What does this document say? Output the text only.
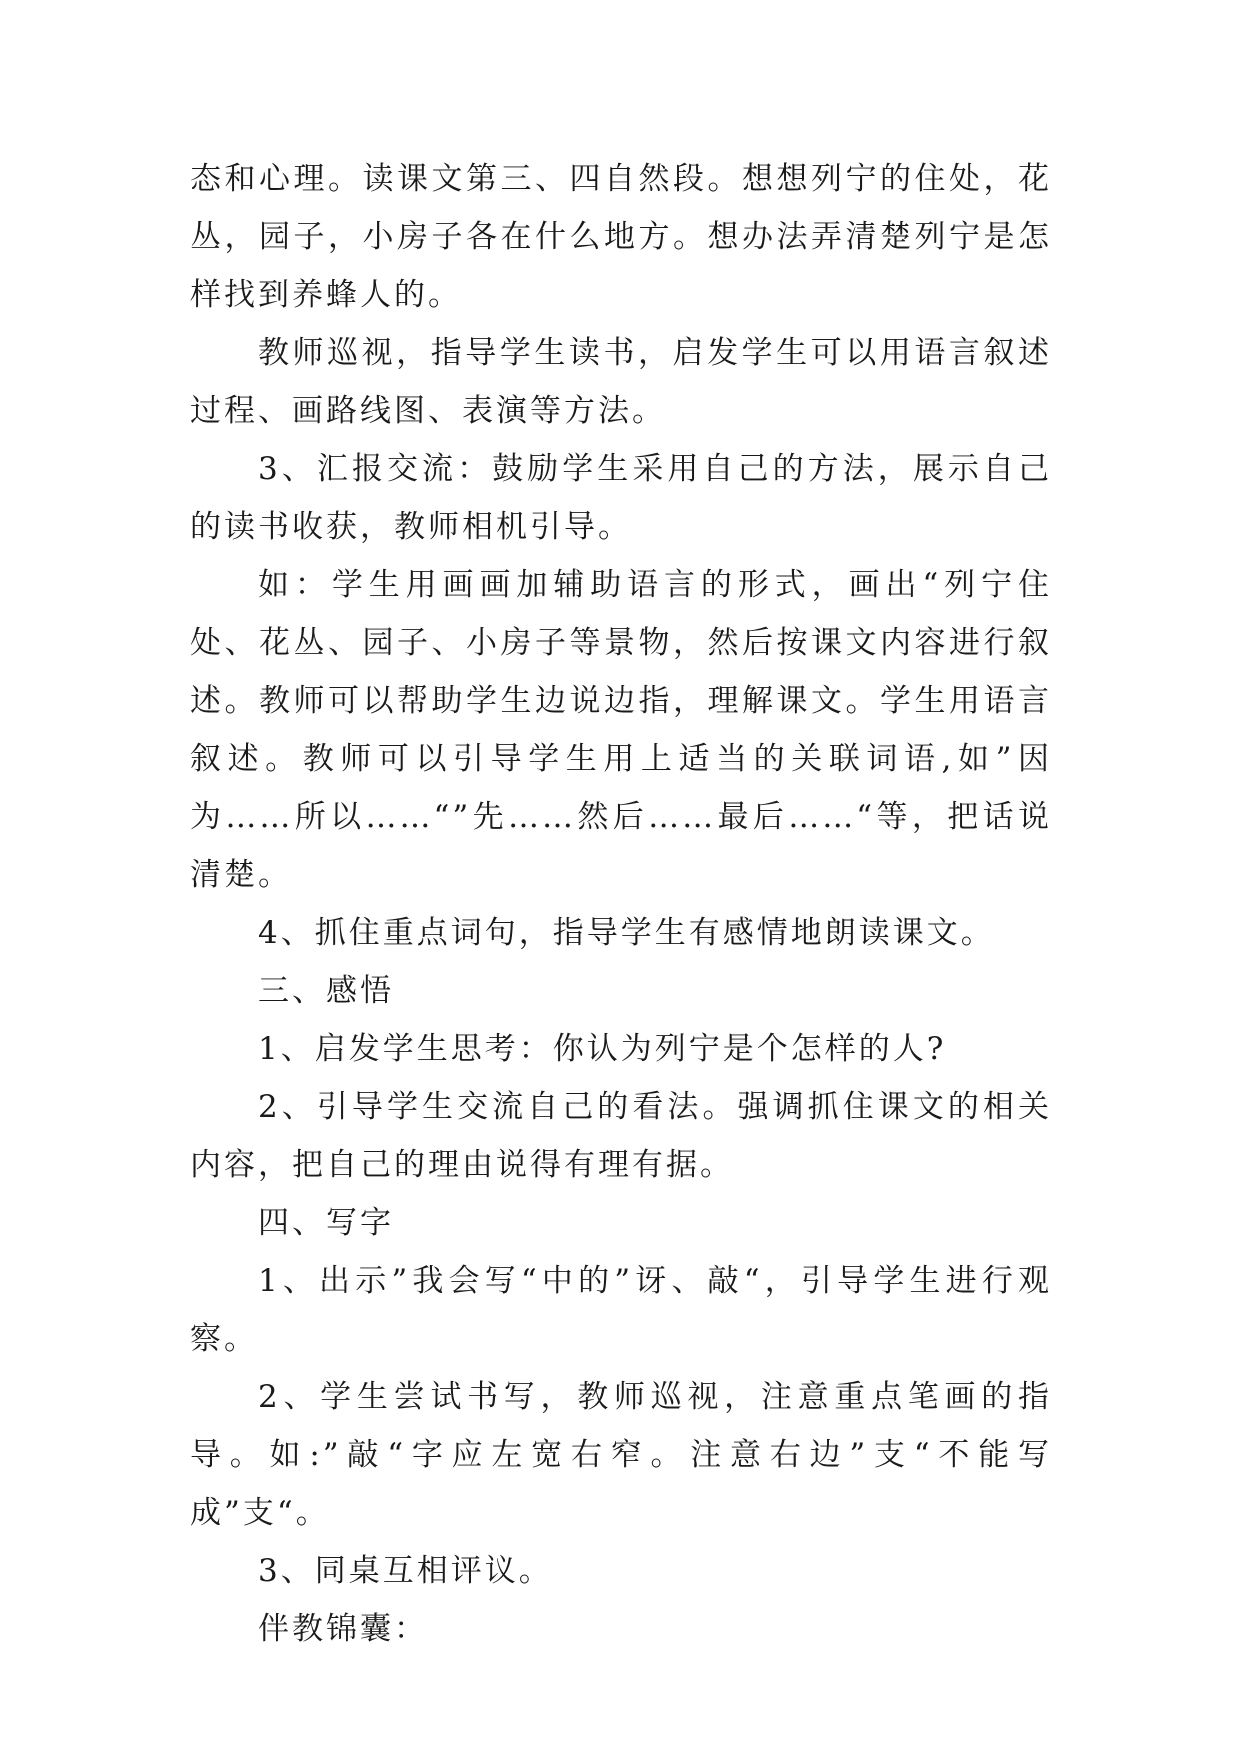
态和心理。读课文第三、四自然段。想想列宁的住处，花丛，园子，小房子各在什么地方。想办法弄清楚列宁是怎样找到养蜂人的。

教师巡视，指导学生读书，启发学生可以用语言叙述过程、画路线图、表演等方法。

3、汇报交流：鼓励学生采用自己的方法，展示自己的读书收获，教师相机引导。

如：学生用画画加辅助语言的形式，画出“列宁住处、花丛、园子、小房子等景物，然后按课文内容进行叙述。教师可以帮助学生边说边指，理解课文。学生用语言叙述。教师可以引导学生用上适当的关联词语,如”因为……所以……“”先……然后……最后……“等，把话说清楚。

4、抓住重点词句，指导学生有感情地朗读课文。

三、感悟

1、启发学生思考：你认为列宁是个怎样的人?

2、引导学生交流自己的看法。强调抓住课文的相关内容，把自己的理由说得有理有据。

四、写字

1、出示”我会写“中的”讶、敲“，引导学生进行观察。

2、学生尝试书写，教师巡视，注意重点笔画的指导。如:”敲“字应左宽右窄。注意右边”支“不能写成”支“。

3、同桌互相评议。

伴教锦囊：
